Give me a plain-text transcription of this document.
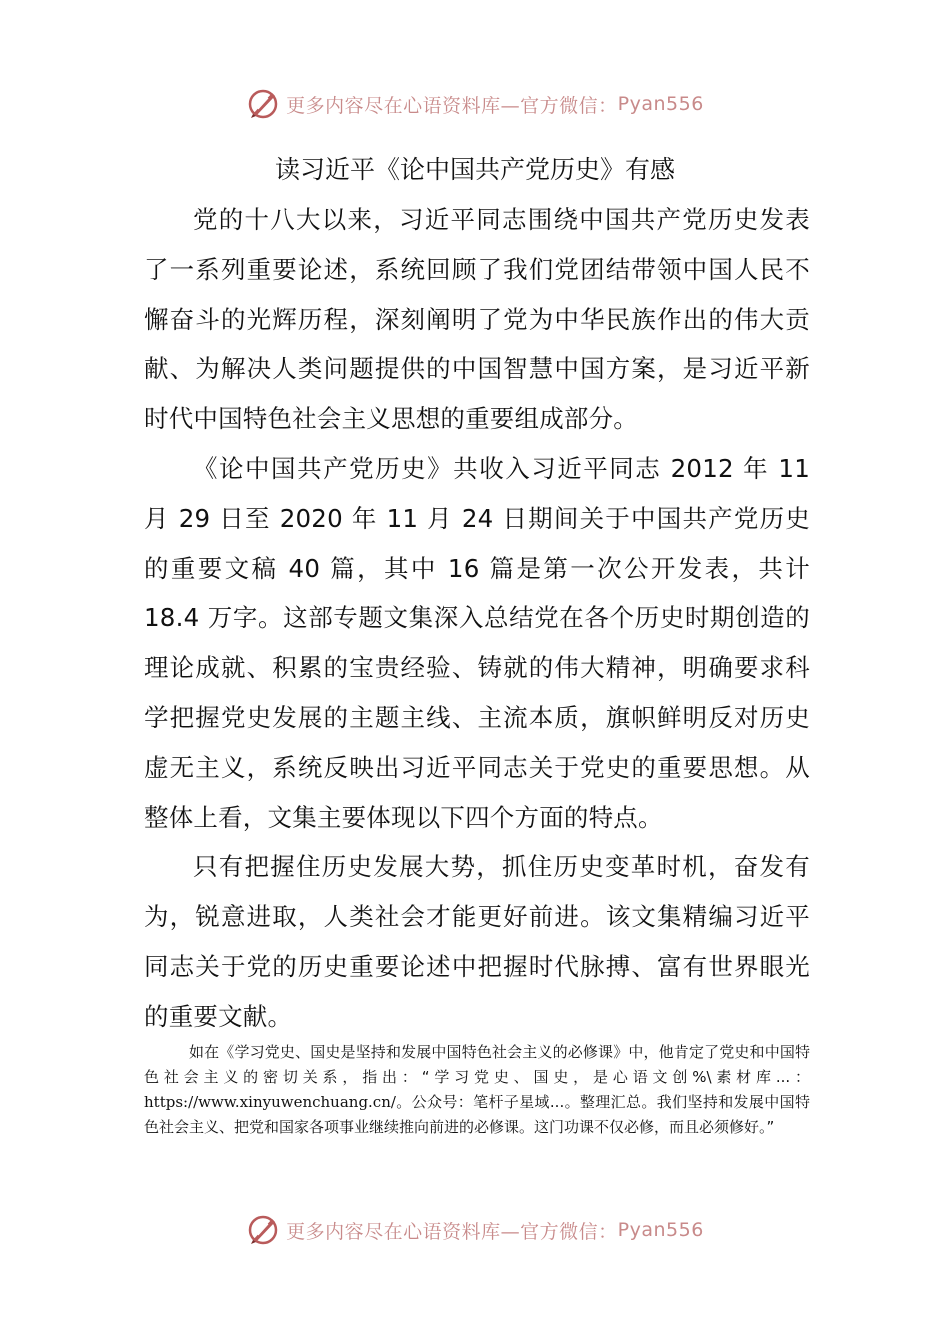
更多内容尽在心语资料库—官方微信： Pyan556
读习近平《论中国共产党历史》有感

党的十八大以来，习近平同志围绕中国共产党历史发表了一系列重要论述，系统回顾了我们党团结带领中国人民不懈奋斗的光辉历程，深刻阐明了党为中华民族作出的伟大贡献、为解决人类问题提供的中国智慧中国方案，是习近平新时代中国特色社会主义思想的重要组成部分。

《论中国共产党历史》共收入习近平同志 2012 年 11 月 29 日至 2020 年 11 月 24 日期间关于中国共产党历史的重要文稿 40 篇，其中 16 篇是第一次公开发表，共计 18.4 万字。这部专题文集深入总结党在各个历史时期创造的理论成就、积累的宝贵经验、铸就的伟大精神，明确要求科学把握党史发展的主题主线、主流本质，旗帜鲜明反对历史虚无主义，系统反映出习近平同志关于党史的重要思想。从整体上看，文集主要体现以下四个方面的特点。

只有把握住历史发展大势，抓住历史变革时机，奋发有为，锐意进取，人类社会才能更好前进。该文集精编习近平同志关于党的历史重要论述中把握时代脉搏、富有世界眼光的重要文献。

如在《学习党史、国史是坚持和发展中国特色社会主义的必修课》中，他肯定了党史和中国特色社会主义的密切关系，指出：“学习党史、国史，是心语文创%\素材库...：https://www.xinyuwenchuang.cn/。公众号：笔杆子星域...。整理汇总。我们坚持和发展中国特色社会主义、把党和国家各项事业继续推向前进的必修课。这门功课不仅必修，而且必须修好。”

更多内容尽在心语资料库—官方微信： Pyan556
